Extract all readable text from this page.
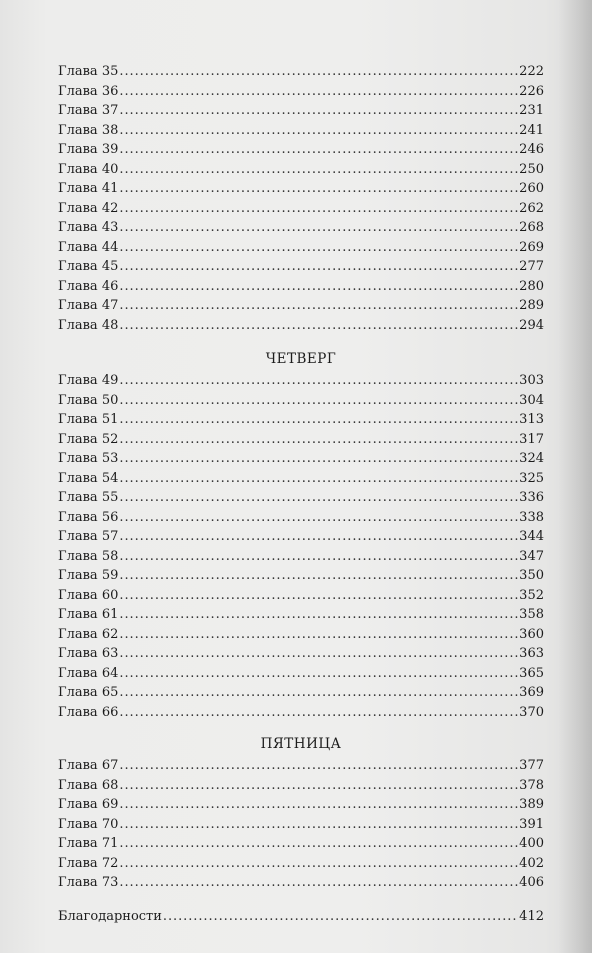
Глава 35 . . .	222
Глава 36 . . .	226
Глава 37 . . .	231
Глава 38 . . .	241
Глава 39 . . .	246
Глава 40 . . .	250
Глава 41 . . .	260
Глава 42 . . .	262
Глава 43 . . .	268
Глава 44 . . .	269
Глава 45 . . .	277
Глава 46 . . .	280
Глава 47 . . .	289
Глава 48 . . .	294
ЧЕТВЕРГ
Глава 49 . . .	303
Глава 50 . . .	304
Глава 51 . . .	313
Глава 52 . . .	317
Глава 53 . . .	324
Глава 54 . . .	325
Глава 55 . . .	336
Глава 56 . . .	338
Глава 57 . . .	344
Глава 58 . . .	347
Глава 59 . . .	350
Глава 60 . . .	352
Глава 61 . . .	358
Глава 62 . . .	360
Глава 63 . . .	363
Глава 64 . . .	365
Глава 65 . . .	369
Глава 66 . . .	370
ПЯТНИЦА
Глава 67 . . .	377
Глава 68 . . .	378
Глава 69 . . .	389
Глава 70 . . .	391
Глава 71 . . .	400
Глава 72 . . .	402
Глава 73 . . .	406
Благодарности . . .	412
